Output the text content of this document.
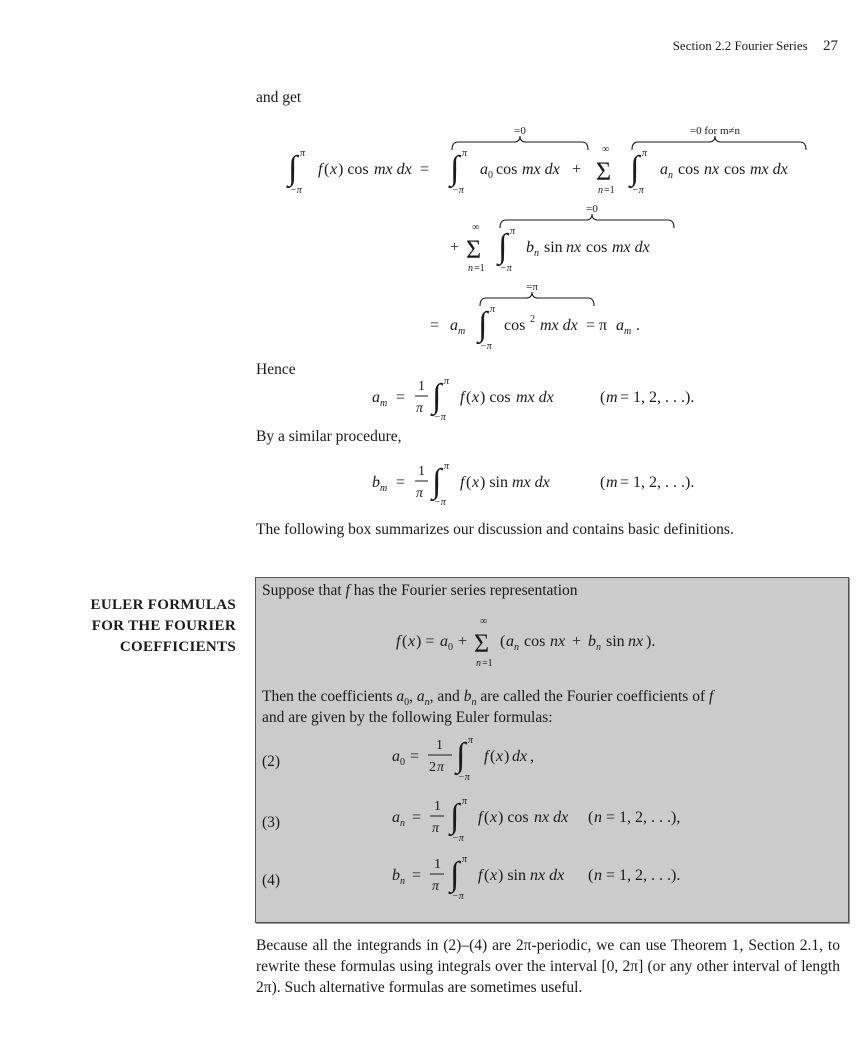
Section 2.2 Fourier Series 27
and get
=0	=0 for m≠n
=0
=π
∫ π
−π
f ( x ) cos mx dx = ∫ π
−π
a 0 cos mx dx + Σ
∞
n =1
∫ π
−π
a n cos nx cos mx dx
+ Σ
∞
n =1
∫ π
−π
b n sin nx cos mx dx
= a m ∫ π
−π
cos 2 mx dx = π a m .
Hence
a m =
1
π ∫ π
−π
f ( x ) cos mx dx	( m = 1, 2, . . .).
By a similar procedure,
b m =
1
π ∫ π
−π
f ( x ) sin mx dx	( m = 1, 2, . . .).
The following box summarizes our discussion and contains basic definitions.
EULER FORMULAS
FOR THE FOURIER
COEFFICIENTS
Suppose that f has the Fourier series representation
f ( x ) = a 0 + Σ
∞
n =1
( a n cos nx + b n sin nx ).
Then the coefficients $a_0$, $a_n$, and $b_n$ are called the Fourier coefficients of f
and are given by the following Euler formulas:
(2)	a 0 =
1
2 π ∫ π
−π
f ( x ) dx ,
(3)	a n =
1
π ∫ π
−π
f ( x ) cos nx dx ( n = 1, 2, . . .),
(4)	b n =
1
π ∫ π
−π
f ( x ) sin nx dx ( n = 1, 2, . . .).

Because all the integrands in (2)–(4) are 2π-periodic, we can use Theorem 1, Section 2.1, to rewrite these formulas using integrals over the interval [0, 2π] (or any other interval of length 2π). Such alternative formulas are sometimes useful.
